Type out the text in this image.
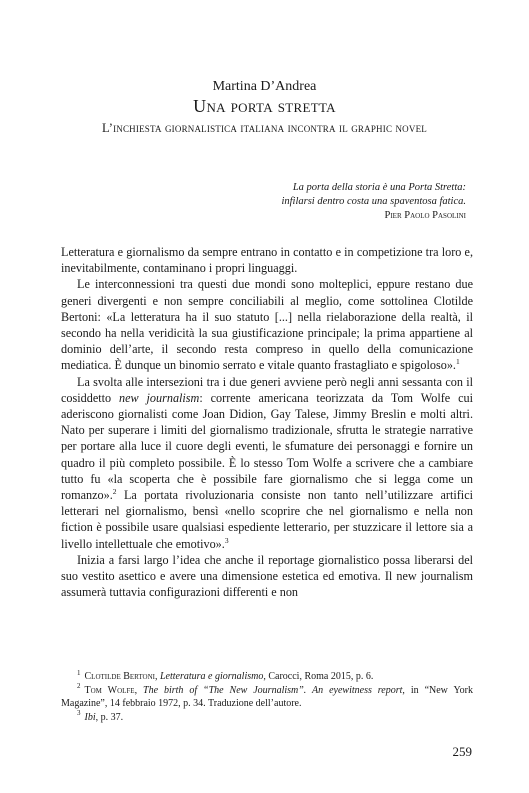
Martina D’Andrea
Una porta stretta
L’inchiesta giornalistica italiana incontra il graphic novel
La porta della storia è una Porta Stretta:
infilarsi dentro costa una spaventosa fatica.
Pier Paolo Pasolini

Letteratura e giornalismo da sempre entrano in contatto e in competizione tra loro e, inevitabilmente, contaminano i propri linguaggi.

Le interconnessioni tra questi due mondi sono molteplici, eppure restano due generi divergenti e non sempre conciliabili al meglio, come sottolinea Clotilde Bertoni: «La letteratura ha il suo statuto [...] nella rielaborazione della realtà, il secondo ha nella veridicità la sua giustificazione principale; la prima appartiene al dominio dell’arte, il secondo resta compreso in quello della comunicazione mediatica. È dunque un binomio serrato e vitale quanto frastagliato e spigoloso».$^1$

La svolta alle intersezioni tra i due generi avviene però negli anni sessanta con il cosiddetto new journalism: corrente americana teorizzata da Tom Wolfe cui aderiscono giornalisti come Joan Didion, Gay Talese, Jimmy Breslin e molti altri. Nato per superare i limiti del giornalismo tradizionale, sfrutta le strategie narrative per portare alla luce il cuore degli eventi, le sfumature dei personaggi e fornire un quadro il più completo possibile. È lo stesso Tom Wolfe a scrivere che a cambiare tutto fu «la scoperta che è possibile fare giornalismo che si legga come un romanzo».$^2$ La portata rivoluzionaria consiste non tanto nell’utilizzare artifici letterari nel giornalismo, bensì «nello scoprire che nel giornalismo e nella non fiction è possibile usare qualsiasi espediente letterario, per stuzzicare il lettore sia a livello intellettuale che emotivo».$^3$

Inizia a farsi largo l’idea che anche il reportage giornalistico possa liberarsi del suo vestito asettico e avere una dimensione estetica ed emotiva. Il new journalism assumerà tuttavia configurazioni differenti e non

$^1$ Clotilde Bertoni, Letteratura e giornalismo, Carocci, Roma 2015, p. 6.

$^2$ Tom Wolfe, The birth of “The New Journalism”. An eyewitness report, in “New York Magazine”, 14 febbraio 1972, p. 34. Traduzione dell’autore.

$^3$ Ibi, p. 37.

259
